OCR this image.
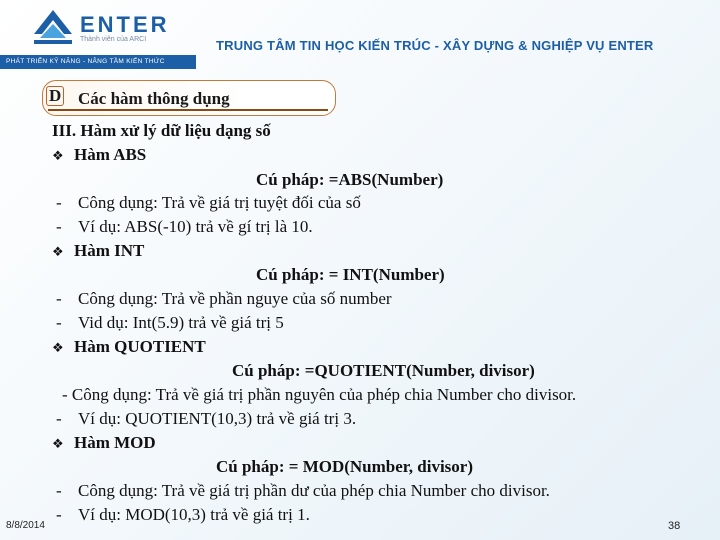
ENTER
Thành viên của ARCI
PHÁT TRIỂN KỸ NĂNG - NÂNG TẦM KIẾN THỨC
TRUNG TÂM TIN HỌC KIẾN TRÚC - XÂY DỰNG & NGHIỆP VỤ ENTER
D Các hàm thông dụng
III. Hàm xử lý dữ liệu dạng số
❖ Hàm ABS
Cú pháp: =ABS(Number)
- Công dụng: Trả về giá trị tuyệt đối của số
- Ví dụ: ABS(-10) trả về gí trị là 10.
❖ Hàm INT
Cú pháp: = INT(Number)
- Công dụng: Trả về phần nguye của số number
- Vid dụ: Int(5.9) trả về giá trị 5
❖ Hàm QUOTIENT
Cú pháp: =QUOTIENT(Number, divisor)
- Công dụng: Trả về giá trị phần nguyên của phép chia Number cho divisor.
- Ví dụ: QUOTIENT(10,3) trả về giá trị 3.
❖ Hàm MOD
Cú pháp: = MOD(Number, divisor)
- Công dụng: Trả về giá trị phần dư của phép chia Number cho divisor.
- Ví dụ: MOD(10,3) trả về giá trị 1.
8/8/2014	38
